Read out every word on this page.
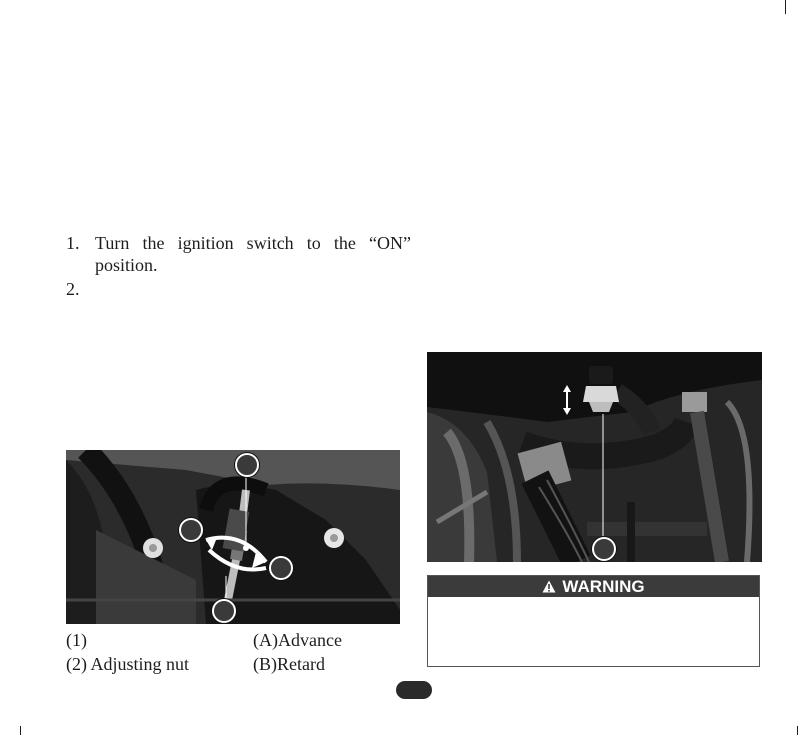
1. Turn the ignition switch to the “ON” position.
2.
(1)	(A)Advance
(2) Adjusting nut	(B)Retard
WARNING
